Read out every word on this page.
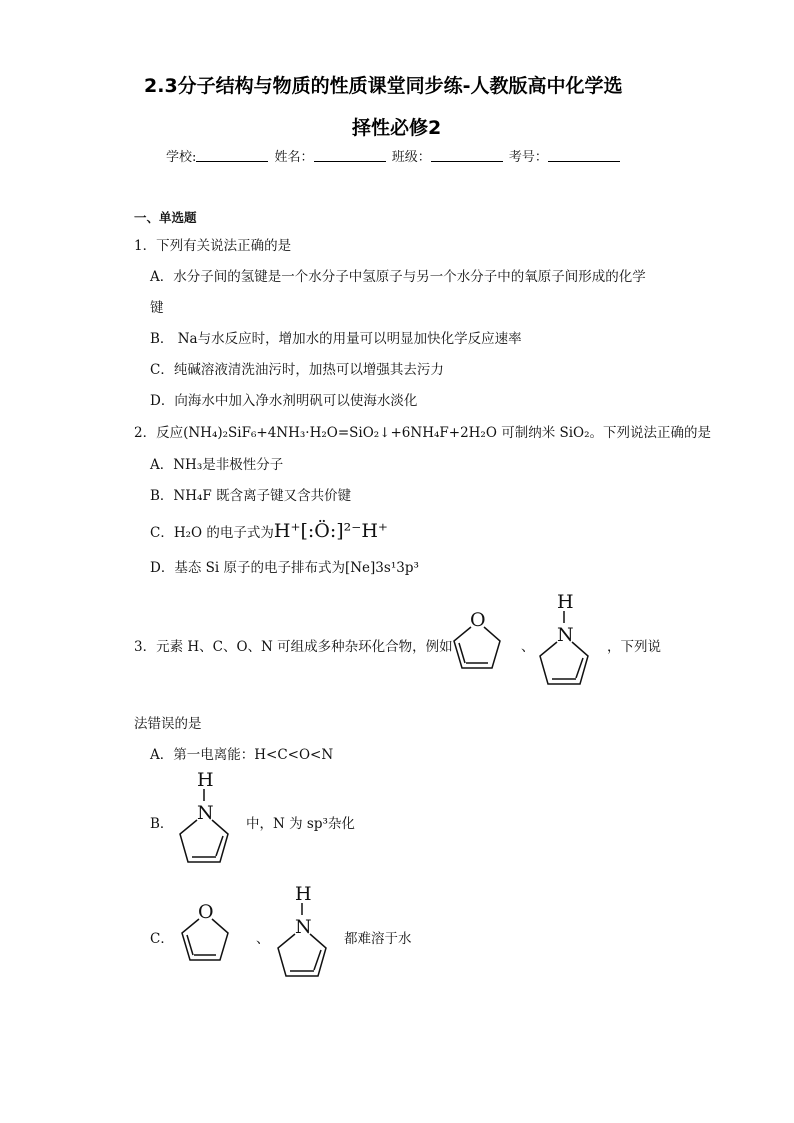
2.3分子结构与物质的性质课堂同步练-人教版高中化学选
择性必修2
学校:	姓名：	班级：	考号：
一、单选题
1．下列有关说法正确的是
A．水分子间的氢键是一个水分子中氢原子与另一个水分子中的氧原子间形成的化学
键
B． Na与水反应时，增加水的用量可以明显加快化学反应速率
C．纯碱溶液清洗油污时，加热可以增强其去污力
D．向海水中加入净水剂明矾可以使海水淡化
2．反应(NH₄)₂SiF₆+4NH₃·H₂O=SiO₂↓+6NH₄F+2H₂O 可制纳米 SiO₂。下列说法正确的是
A．NH₃是非极性分子
B．NH₄F 既含离子键又含共价键
C．H₂O 的电子式为H⁺[:Ö:]²⁻H⁺
D．基态 Si 原子的电子排布式为[Ne]3s¹3p³
3．元素 H、C、O、N 可组成多种杂环化合物，例如
O
、
H
N
，下列说
法错误的是
A．第一电离能：H<C<O<N
B．
H
N 中，N 为 sp³杂化
C．
O
、
H
N
都难溶于水
